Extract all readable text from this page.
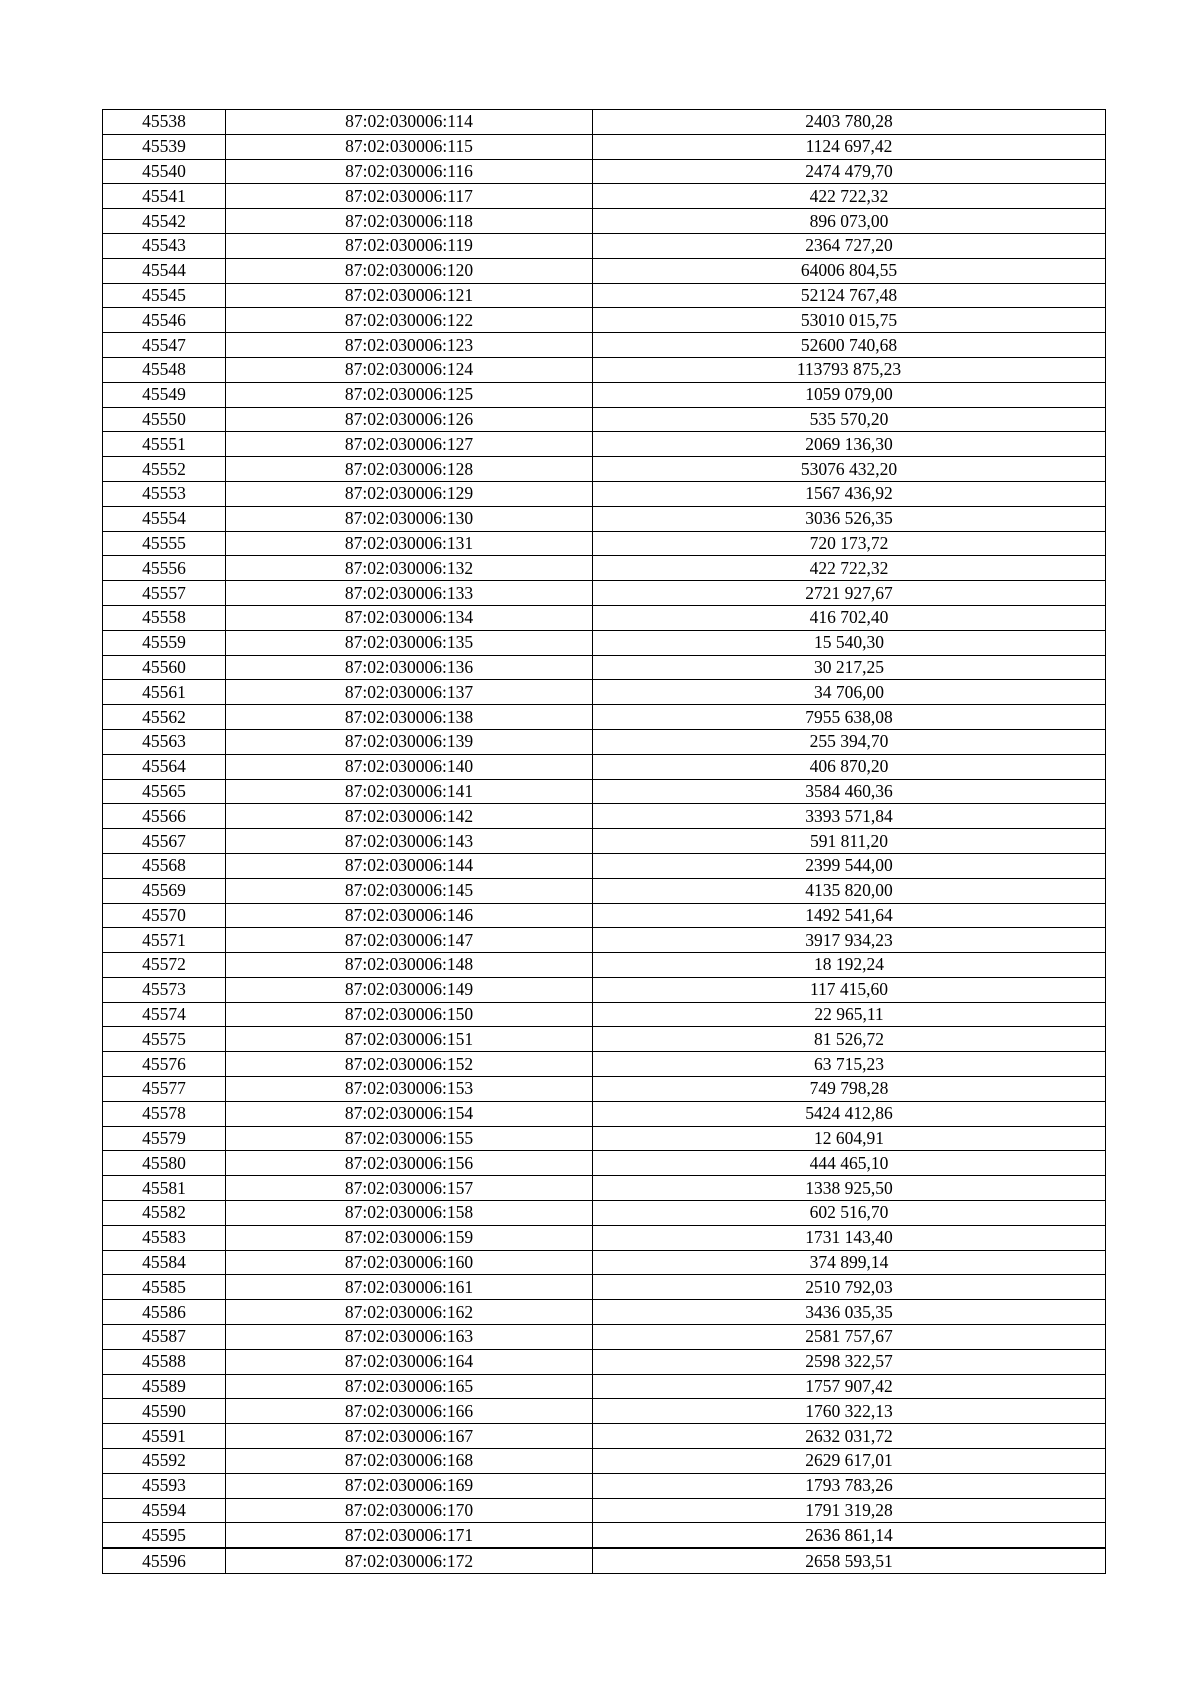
45538	87:02:030006:114	2403 780,28
45539	87:02:030006:115	1124 697,42
45540	87:02:030006:116	2474 479,70
45541	87:02:030006:117	422 722,32
45542	87:02:030006:118	896 073,00
45543	87:02:030006:119	2364 727,20
45544	87:02:030006:120	64006 804,55
45545	87:02:030006:121	52124 767,48
45546	87:02:030006:122	53010 015,75
45547	87:02:030006:123	52600 740,68
45548	87:02:030006:124	113793 875,23
45549	87:02:030006:125	1059 079,00
45550	87:02:030006:126	535 570,20
45551	87:02:030006:127	2069 136,30
45552	87:02:030006:128	53076 432,20
45553	87:02:030006:129	1567 436,92
45554	87:02:030006:130	3036 526,35
45555	87:02:030006:131	720 173,72
45556	87:02:030006:132	422 722,32
45557	87:02:030006:133	2721 927,67
45558	87:02:030006:134	416 702,40
45559	87:02:030006:135	15 540,30
45560	87:02:030006:136	30 217,25
45561	87:02:030006:137	34 706,00
45562	87:02:030006:138	7955 638,08
45563	87:02:030006:139	255 394,70
45564	87:02:030006:140	406 870,20
45565	87:02:030006:141	3584 460,36
45566	87:02:030006:142	3393 571,84
45567	87:02:030006:143	591 811,20
45568	87:02:030006:144	2399 544,00
45569	87:02:030006:145	4135 820,00
45570	87:02:030006:146	1492 541,64
45571	87:02:030006:147	3917 934,23
45572	87:02:030006:148	18 192,24
45573	87:02:030006:149	117 415,60
45574	87:02:030006:150	22 965,11
45575	87:02:030006:151	81 526,72
45576	87:02:030006:152	63 715,23
45577	87:02:030006:153	749 798,28
45578	87:02:030006:154	5424 412,86
45579	87:02:030006:155	12 604,91
45580	87:02:030006:156	444 465,10
45581	87:02:030006:157	1338 925,50
45582	87:02:030006:158	602 516,70
45583	87:02:030006:159	1731 143,40
45584	87:02:030006:160	374 899,14
45585	87:02:030006:161	2510 792,03
45586	87:02:030006:162	3436 035,35
45587	87:02:030006:163	2581 757,67
45588	87:02:030006:164	2598 322,57
45589	87:02:030006:165	1757 907,42
45590	87:02:030006:166	1760 322,13
45591	87:02:030006:167	2632 031,72
45592	87:02:030006:168	2629 617,01
45593	87:02:030006:169	1793 783,26
45594	87:02:030006:170	1791 319,28
45595	87:02:030006:171	2636 861,14
45596	87:02:030006:172	2658 593,51
